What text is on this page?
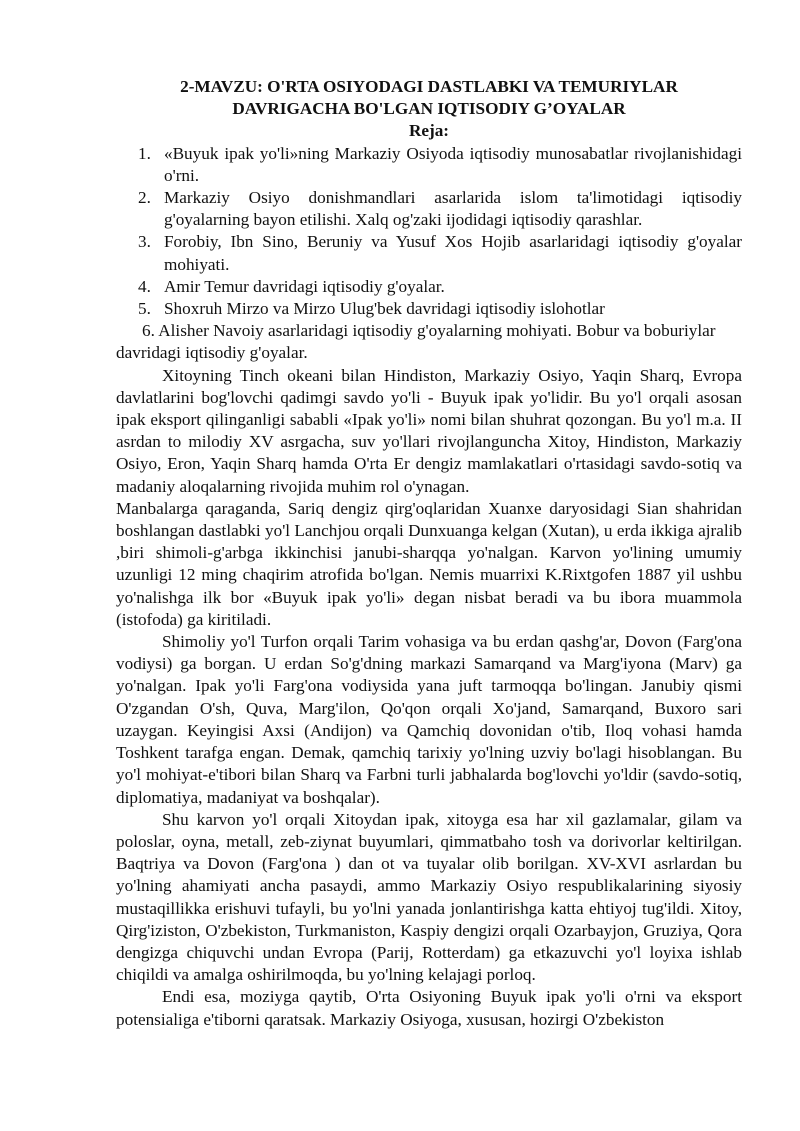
2-MAVZU: O'RTA OSIYODAGI DASTLABKI VA TEMURIYLAR
DAVRIGACHA BO'LGAN IQTISODIY G’OYALAR
Reja:
1. «Buyuk ipak yo'li»ning Markaziy Osiyoda iqtisodiy munosabatlar rivojlanishidagi o'rni.
2. Markaziy Osiyo donishmandlari asarlarida islom ta'limotidagi iqtisodiy g'oyalarning bayon etilishi. Xalq og'zaki ijodidagi iqtisodiy qarashlar.
3. Forobiy, Ibn Sino, Beruniy va Yusuf Xos Hojib asarlaridagi iqtisodiy g'oyalar mohiyati.
4. Amir Temur davridagi iqtisodiy g'oyalar.
5. Shoxruh Mirzo va Mirzo Ulug'bek davridagi iqtisodiy islohotlar

6. Alisher Navoiy asarlaridagi iqtisodiy g'oyalarning mohiyati. Bobur va boburiylar davridagi iqtisodiy g'oyalar.

Xitoyning Tinch okeani bilan Hindiston, Markaziy Osiyo, Yaqin Sharq, Evropa davlatlarini bog'lovchi qadimgi savdo yo'li - Buyuk ipak yo'lidir. Bu yo'l orqali asosan ipak eksport qilinganligi sababli «Ipak yo'li» nomi bilan shuhrat qozongan. Bu yo'l m.a. II asrdan to milodiy XV asrgacha, suv yo'llari rivojlanguncha Xitoy, Hindiston, Markaziy Osiyo, Eron, Yaqin Sharq hamda O'rta Er dengiz mamlakatlari o'rtasidagi savdo-sotiq va madaniy aloqalarning rivojida muhim rol o'ynagan.

Manbalarga qaraganda, Sariq dengiz qirg'oqlaridan Xuanxe daryosidagi Sian shahridan boshlangan dastlabki yo'l Lanchjou orqali Dunxuanga kelgan (Xutan), u erda ikkiga ajralib ,biri shimoli-g'arbga ikkinchisi janubi-sharqqa yo'nalgan. Karvon yo'lining umumiy uzunligi 12 ming chaqirim atrofida bo'lgan. Nemis muarrixi K.Rixtgofen 1887 yil ushbu yo'nalishga ilk bor «Buyuk ipak yo'li» degan nisbat beradi va bu ibora muammola (istofoda) ga kiritiladi.

Shimoliy yo'l Turfon orqali Tarim vohasiga va bu erdan qashg'ar, Dovon (Farg'ona vodiysi) ga borgan. U erdan So'g'dning markazi Samarqand va Marg'iyona (Marv) ga yo'nalgan. Ipak yo'li Farg'ona vodiysida yana juft tarmoqqa bo'lingan. Janubiy qismi O'zgandan O'sh, Quva, Marg'ilon, Qo'qon orqali Xo'jand, Samarqand, Buxoro sari uzaygan. Keyingisi Axsi (Andijon) va Qamchiq dovonidan o'tib, Iloq vohasi hamda Toshkent tarafga engan. Demak, qamchiq tarixiy yo'lning uzviy bo'lagi hisoblangan. Bu yo'l mohiyat-e'tibori bilan Sharq va Farbni turli jabhalarda bog'lovchi yo'ldir (savdo-sotiq, diplomatiya, madaniyat va boshqalar).

Shu karvon yo'l orqali Xitoydan ipak, xitoyga esa har xil gazlamalar, gilam va poloslar, oyna, metall, zeb-ziynat buyumlari, qimmatbaho tosh va dorivorlar keltirilgan. Baqtriya va Dovon (Farg'ona ) dan ot va tuyalar olib borilgan. XV-XVI asrlardan bu yo'lning ahamiyati ancha pasaydi, ammo Markaziy Osiyo respublikalarining siyosiy mustaqillikka erishuvi tufayli, bu yo'lni yanada jonlantirishga katta ehtiyoj tug'ildi. Xitoy, Qirg'iziston, O'zbekiston, Turkmaniston, Kaspiy dengizi orqali Ozarbayjon, Gruziya, Qora dengizga chiquvchi undan Evropa (Parij, Rotterdam) ga etkazuvchi yo'l loyixa ishlab chiqildi va amalga oshirilmoqda, bu yo'lning kelajagi porloq.

Endi esa, moziyga qaytib, O'rta Osiyoning Buyuk ipak yo'li o'rni va eksport potensialiga e'tiborni qaratsak. Markaziy Osiyoga, xususan, hozirgi O'zbekiston
